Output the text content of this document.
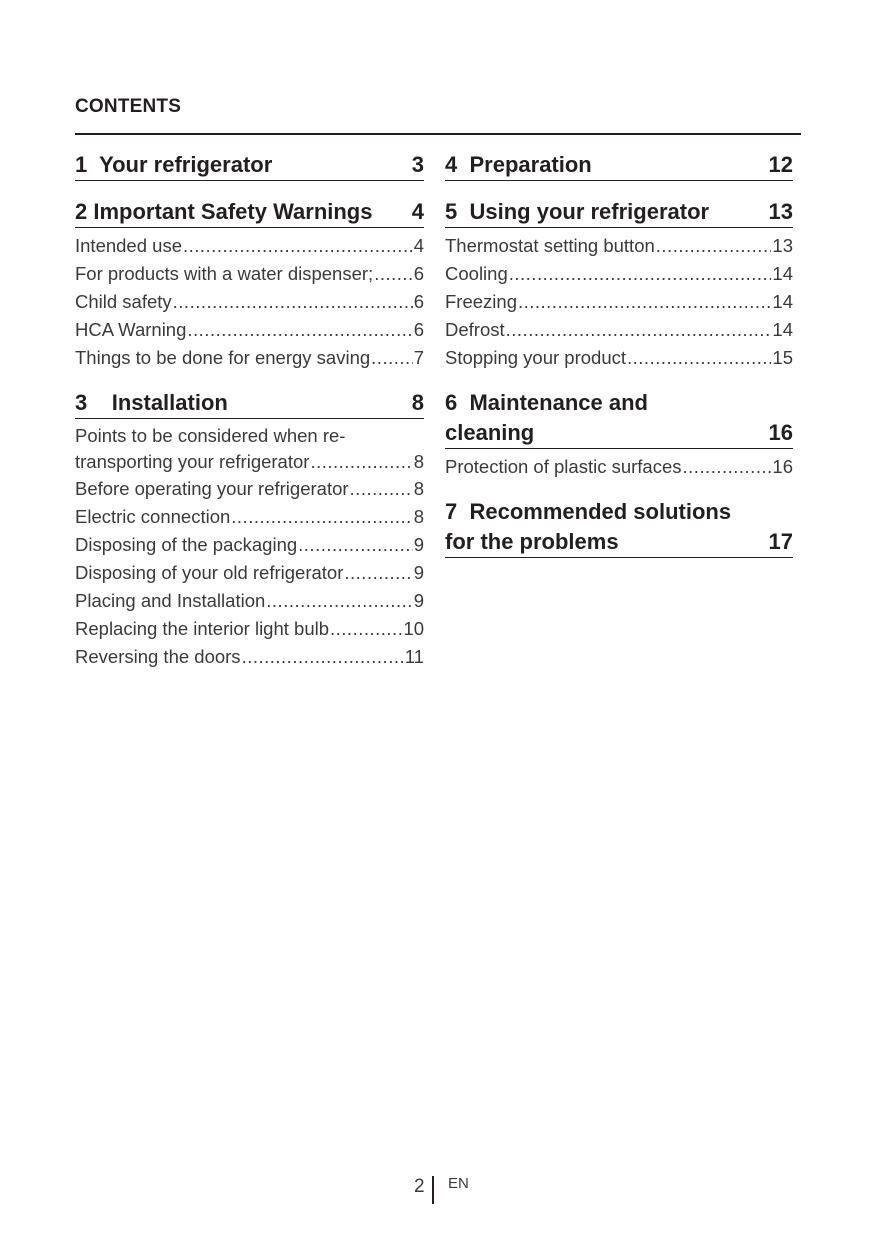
CONTENTS
1 Your refrigerator	3
2 Important Safety Warnings 4
Intended use .....	4
For products with a water dispenser; ..... 6
Child safety .....	6
HCA Warning .....	6
Things to be done for energy saving ..... 7
3 Installation	8
Points to be considered when re-
transporting your refrigerator .....	8
Before operating your refrigerator .....	8
Electric connection .....	8
Disposing of the packaging .....	9
Disposing of your old refrigerator .....	9
Placing and Installation .....	9
Replacing the interior light bulb .....	10
Reversing the doors .....	11
4 Preparation	12
5 Using your refrigerator	13
Thermostat setting button .....	13
Cooling .....	14
Freezing .....	14
Defrost .....	14
Stopping your product .....	15
6 Maintenance and
cleaning	16
Protection of plastic surfaces .....	16
7 Recommended solutions
for the problems	17
2 EN
